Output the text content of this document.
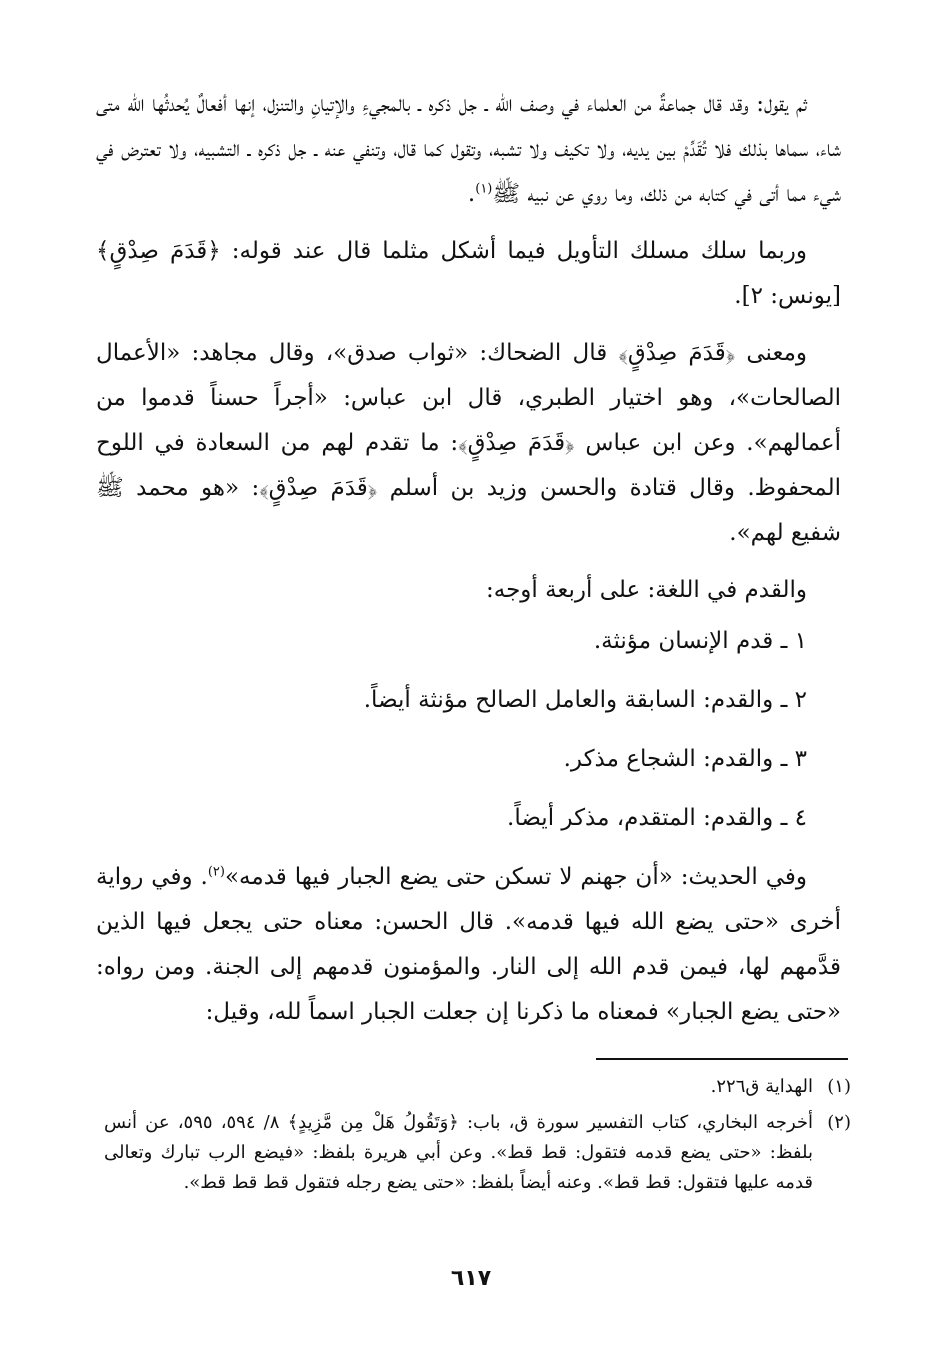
ثم يقول: وقد قال جماعةٌ من العلماء في وصف الله ـ جل ذكره ـ بالمجيءِ والإتيانِ والتنزل، إنها أفعالٌ يُحدثُها الله متى شاء، سماها بذلك فلا تُقَدِّمْ بين يديه، ولا تكيف ولا تشبه، وتقول كما قال، وتنفي عنه ـ جل ذكره ـ التشبيه، ولا تعترض في شيء مما أتى في كتابه من ذلك، وما روي عن نبيه ﷺ$^{(١)}$.

وربما سلك مسلك التأويل فيما أشكل مثلما قال عند قوله: ﴿قَدَمَ صِدْقٍ﴾ [يونس: ٢].

ومعنى ﴿قَدَمَ صِدْقٍ﴾ قال الضحاك: «ثواب صدق»، وقال مجاهد: «الأعمال الصالحات»، وهو اختيار الطبري، قال ابن عباس: «أجراً حسناً قدموا من أعمالهم». وعن ابن عباس ﴿قَدَمَ صِدْقٍ﴾: ما تقدم لهم من السعادة في اللوح المحفوظ. وقال قتادة والحسن وزيد بن أسلم ﴿قَدَمَ صِدْقٍ﴾: «هو محمد ﷺ شفيع لهم».

والقدم في اللغة: على أربعة أوجه:

١ ـ قدم الإنسان مؤنثة.

٢ ـ والقدم: السابقة والعامل الصالح مؤنثة أيضاً.

٣ ـ والقدم: الشجاع مذكر.

٤ ـ والقدم: المتقدم، مذكر أيضاً.

وفي الحديث: «أن جهنم لا تسكن حتى يضع الجبار فيها قدمه»$^{(٢)}$. وفي رواية أخرى «حتى يضع الله فيها قدمه». قال الحسن: معناه حتى يجعل فيها الذين قدَّمهم لها، فيمن قدم الله إلى النار. والمؤمنون قدمهم إلى الجنة. ومن رواه: «حتى يضع الجبار» فمعناه ما ذكرنا إن جعلت الجبار اسماً لله، وقيل:

(١)
الهداية ق٢٢٦.
(٢)
أخرجه البخاري، كتاب التفسير سورة ق، باب: ﴿وَتَقُولُ هَلْ مِن مَّزِيدٍ﴾ ٨/ ٥٩٤، ٥٩٥، عن أنس بلفظ: «حتى يضع قدمه فتقول: قط قط». وعن أبي هريرة بلفظ: «فيضع الرب تبارك وتعالى قدمه عليها فتقول: قط قط». وعنه أيضاً بلفظ: «حتى يضع رجله فتقول قط قط قط».
٦١٧
